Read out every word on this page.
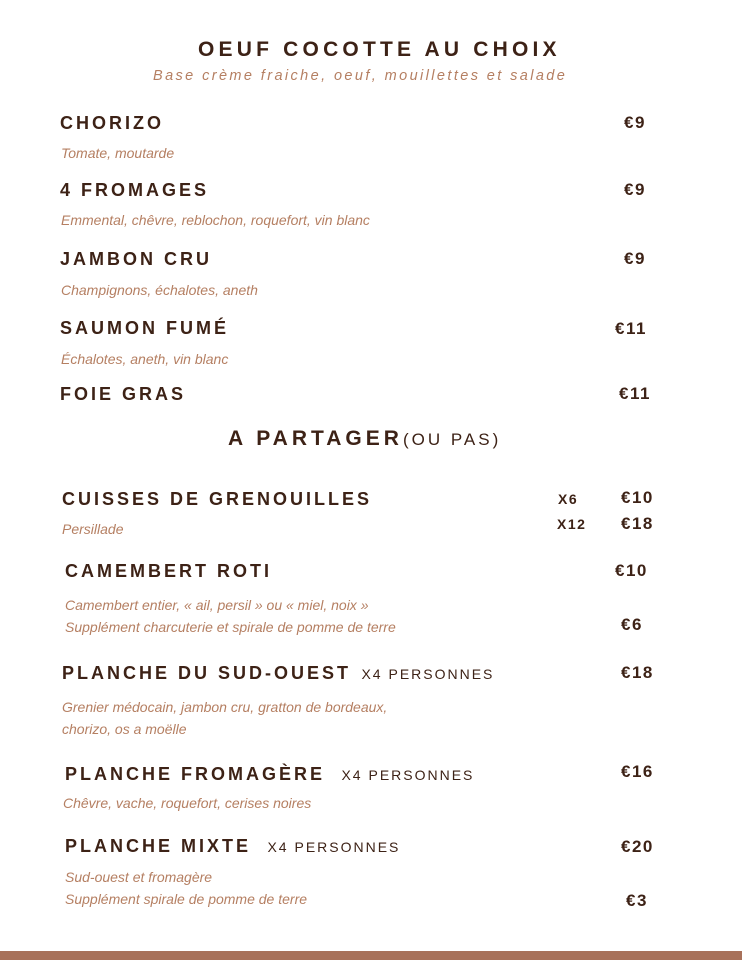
OEUF COCOTTE AU CHOIX
Base crème fraiche, oeuf, mouillettes et salade
CHORIZO	€9
Tomate, moutarde
4 FROMAGES	€9
Emmental, chêvre, reblochon, roquefort, vin blanc
JAMBON CRU	€9
Champignons, échalotes, aneth
SAUMON FUMÉ	€11
Échalotes, aneth, vin blanc
FOIE GRAS	€11
A PARTAGER(OU PAS)
CUISSES DE GRENOUILLES	X6	€10
Persillade	X12 €18
CAMEMBERT ROTI	€10
Camembert entier, « ail, persil » ou « miel, noix »
Supplément charcuterie et spirale de pomme de terre	€6
PLANCHE DU SUD-OUEST X4 PERSONNES	€18
Grenier médocain, jambon cru, gratton de bordeaux,
chorizo, os a moëlle
PLANCHE FROMAGÈRE X4 PERSONNES	€16
Chêvre, vache, roquefort, cerises noires
PLANCHE MIXTE X4 PERSONNES	€20
Sud-ouest et fromagère
Supplément spirale de pomme de terre	€3
